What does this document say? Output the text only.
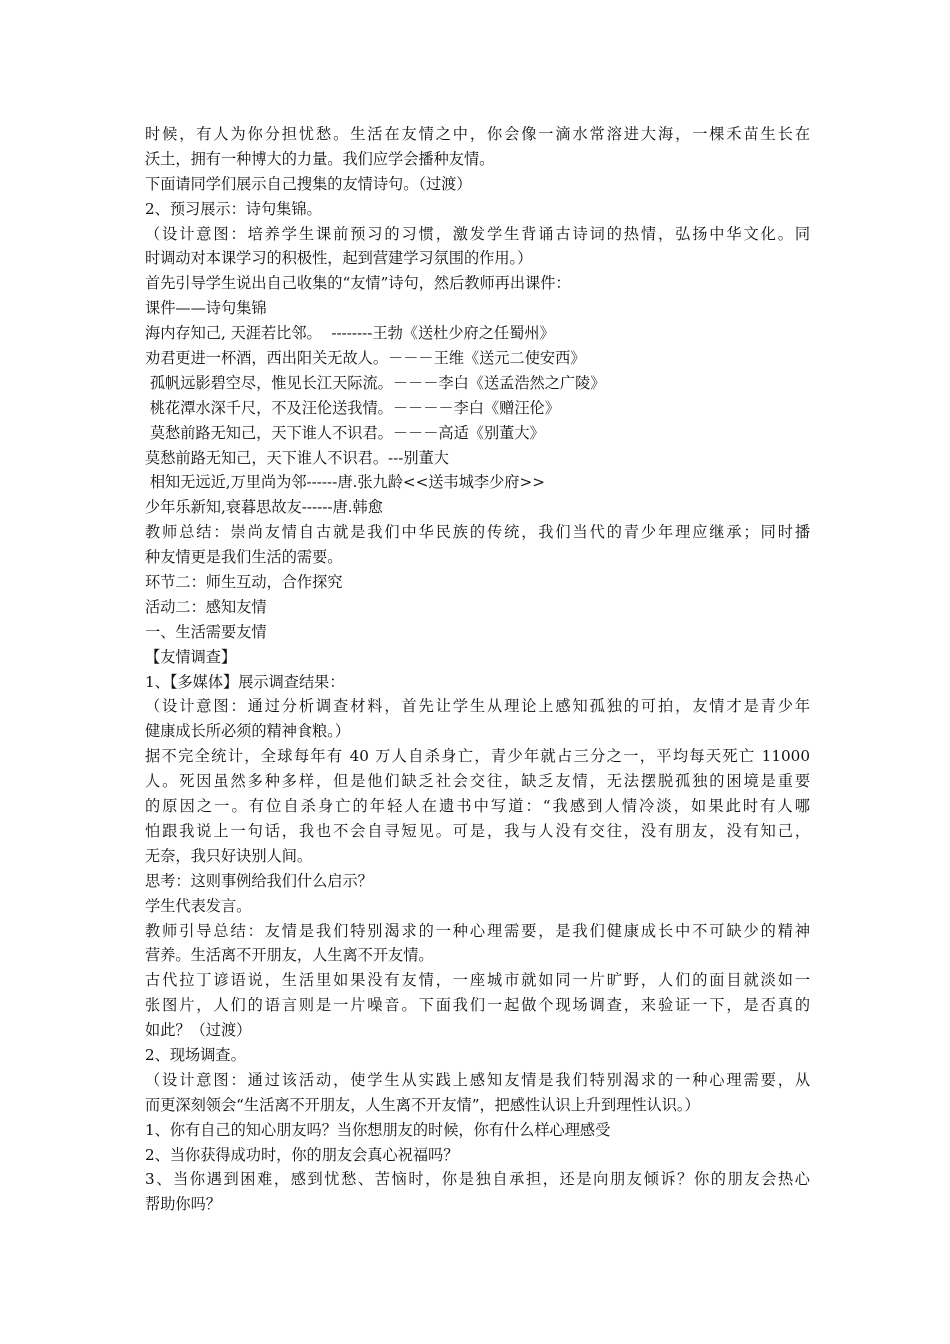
时候，有人为你分担忧愁。生活在友情之中，你会像一滴水常溶进大海，一棵禾苗生长在
沃土，拥有一种博大的力量。我们应学会播种友情。
下面请同学们展示自己搜集的友情诗句。（过渡）
2、预习展示：诗句集锦。
（设计意图：培养学生课前预习的习惯，激发学生背诵古诗词的热情，弘扬中华文化。同
时调动对本课学习的积极性，起到营建学习氛围的作用。）
首先引导学生说出自己收集的“友情”诗句，然后教师再出课件：
课件——诗句集锦
海内存知己, 天涯若比邻。  --------王勃《送杜少府之任蜀州》
劝君更进一杯酒，西出阳关无故人。－－－王维《送元二使安西》
孤帆远影碧空尽，惟见长江天际流。－－－李白《送孟浩然之广陵》
桃花潭水深千尺，不及汪伦送我情。－－－－李白《赠汪伦》
莫愁前路无知己，天下谁人不识君。－－－高适《别董大》
莫愁前路无知己，天下谁人不识君。---别董大
相知无远近,万里尚为邻------唐.张九龄<<送韦城李少府>>
少年乐新知,衰暮思故友------唐.韩愈
教师总结：崇尚友情自古就是我们中华民族的传统，我们当代的青少年理应继承；同时播
种友情更是我们生活的需要。
环节二：师生互动，合作探究
活动二：感知友情
一、生活需要友情
【友情调查】
1、【多媒体】展示调查结果：
（设计意图：通过分析调查材料，首先让学生从理论上感知孤独的可拍，友情才是青少年
健康成长所必须的精神食粮。）
据不完全统计，全球每年有 40 万人自杀身亡，青少年就占三分之一，平均每天死亡 11000
人。死因虽然多种多样，但是他们缺乏社会交往，缺乏友情，无法摆脱孤独的困境是重要
的原因之一。有位自杀身亡的年轻人在遗书中写道：“我感到人情冷淡，如果此时有人哪
怕跟我说上一句话，我也不会自寻短见。可是，我与人没有交往，没有朋友，没有知己，
无奈，我只好诀别人间。
思考：这则事例给我们什么启示？
学生代表发言。
教师引导总结：友情是我们特别渴求的一种心理需要，是我们健康成长中不可缺少的精神
营养。生活离不开朋友，人生离不开友情。
古代拉丁谚语说，生活里如果没有友情，一座城市就如同一片旷野，人们的面目就淡如一
张图片，人们的语言则是一片噪音。下面我们一起做个现场调查，来验证一下，是否真的
如此？（过渡）
2、现场调查。
（设计意图：通过该活动，使学生从实践上感知友情是我们特别渴求的一种心理需要，从
而更深刻领会“生活离不开朋友，人生离不开友情”，把感性认识上升到理性认识。）
1、你有自己的知心朋友吗？当你想朋友的时候，你有什么样心理感受
2、当你获得成功时，你的朋友会真心祝福吗？
3、当你遇到困难，感到忧愁、苦恼时，你是独自承担，还是向朋友倾诉？你的朋友会热心
帮助你吗？
